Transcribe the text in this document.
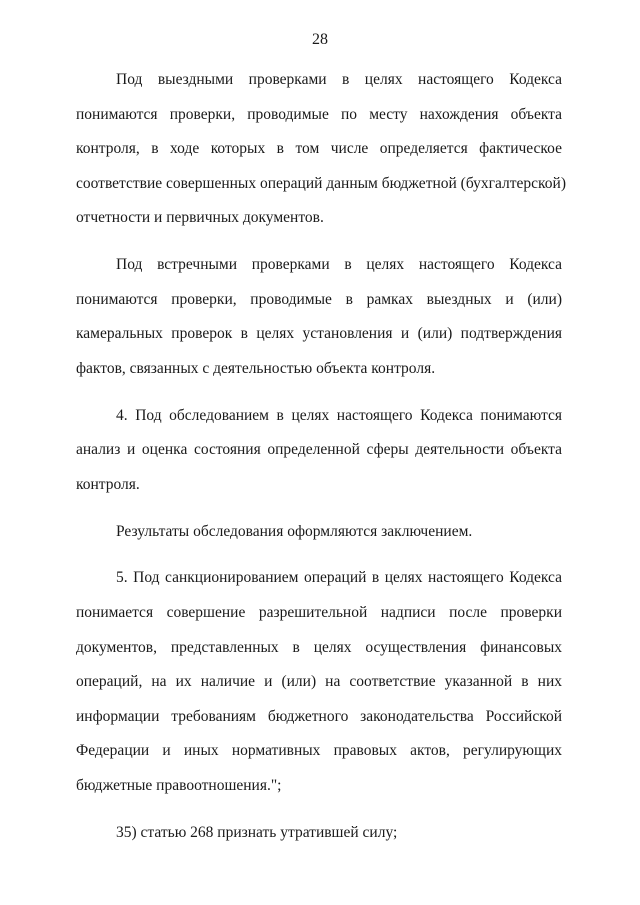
28
Под выездными проверками в целях настоящего Кодекса
понимаются проверки, проводимые по месту нахождения объекта
контроля, в ходе которых в том числе определяется фактическое
соответствие совершенных операций данным бюджетной (бухгалтерской)
отчетности и первичных документов.
Под встречными проверками в целях настоящего Кодекса
понимаются проверки, проводимые в рамках выездных и (или)
камеральных проверок в целях установления и (или) подтверждения
фактов, связанных с деятельностью объекта контроля.
4. Под обследованием в целях настоящего Кодекса понимаются
анализ и оценка состояния определенной сферы деятельности объекта
контроля.
Результаты обследования оформляются заключением.
5. Под санкционированием операций в целях настоящего Кодекса
понимается совершение разрешительной надписи после проверки
документов, представленных в целях осуществления финансовых
операций, на их наличие и (или) на соответствие указанной в них
информации требованиям бюджетного законодательства Российской
Федерации и иных нормативных правовых актов, регулирующих
бюджетные правоотношения.";
35) статью 268 признать утратившей силу;
